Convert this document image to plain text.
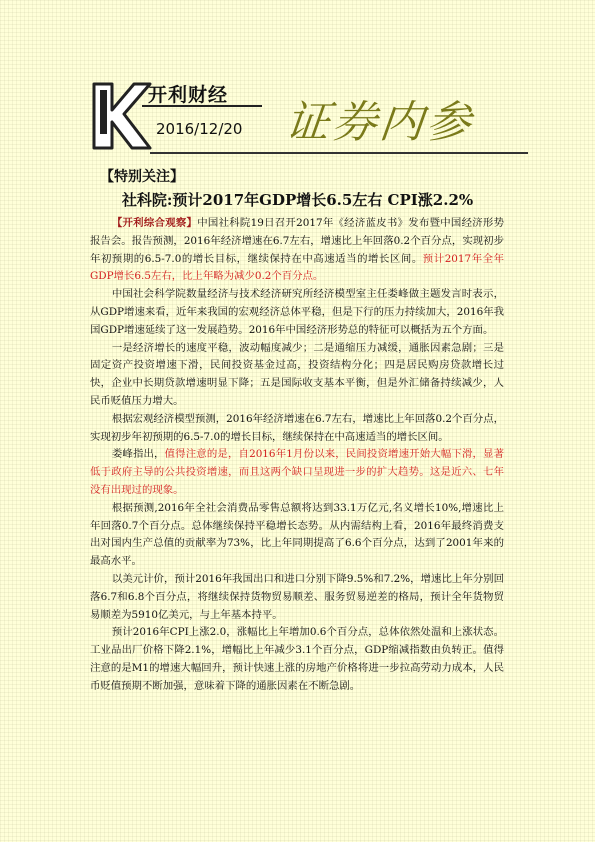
开利财经
2016/12/20 证券内参
【特别关注】
社科院:预计2017年GDP增长6.5左右 CPI涨2.2%

【开利综合观察】中国社科院19日召开2017年《经济蓝皮书》发布暨中国经济形势报告会。报告预测，2016年经济增速在6.7左右，增速比上年回落0.2个百分点，实现初步年初预期的6.5-7.0的增长目标，继续保持在中高速适当的增长区间。预计2017年全年GDP增长6.5左右，比上年略为减少0.2个百分点。

中国社会科学院数量经济与技术经济研究所经济模型室主任娄峰做主题发言时表示，从GDP增速来看，近年来我国的宏观经济总体平稳，但是下行的压力持续加大，2016年我国GDP增速延续了这一发展趋势。2016年中国经济形势总的特征可以概括为五个方面。

一是经济增长的速度平稳，波动幅度减少；二是通缩压力减缓，通胀因素急剧；三是固定资产投资增速下滑，民间投资基金过高，投资结构分化；四是居民购房贷款增长过快，企业中长期贷款增速明显下降；五是国际收支基本平衡，但是外汇储备持续减少，人民币贬值压力增大。

根据宏观经济模型预测，2016年经济增速在6.7左右，增速比上年回落0.2个百分点，实现初步年初预期的6.5-7.0的增长目标，继续保持在中高速适当的增长区间。

娄峰指出，值得注意的是，自2016年1月份以来，民间投资增速开始大幅下滑，显著低于政府主导的公共投资增速，而且这两个缺口呈现进一步的扩大趋势。这是近六、七年没有出现过的现象。

根据预测,2016年全社会消费品零售总额将达到33.1万亿元,名义增长10%,增速比上年回落0.7个百分点。总体继续保持平稳增长态势。从内需结构上看，2016年最终消费支出对国内生产总值的贡献率为73%，比上年同期提高了6.6个百分点，达到了2001年来的最高水平。

以美元计价，预计2016年我国出口和进口分别下降9.5%和7.2%，增速比上年分别回落6.7和6.8个百分点，将继续保持货物贸易顺差、服务贸易逆差的格局，预计全年货物贸易顺差为5910亿美元，与上年基本持平。

预计2016年CPI上涨2.0，涨幅比上年增加0.6个百分点，总体依然处温和上涨状态。工业品出厂价格下降2.1%，增幅比上年减少3.1个百分点，GDP缩减指数由负转正。值得注意的是M1的增速大幅回升，预计快速上涨的房地产价格将进一步拉高劳动力成本，人民币贬值预期不断加强，意味着下降的通胀因素在不断急剧。
